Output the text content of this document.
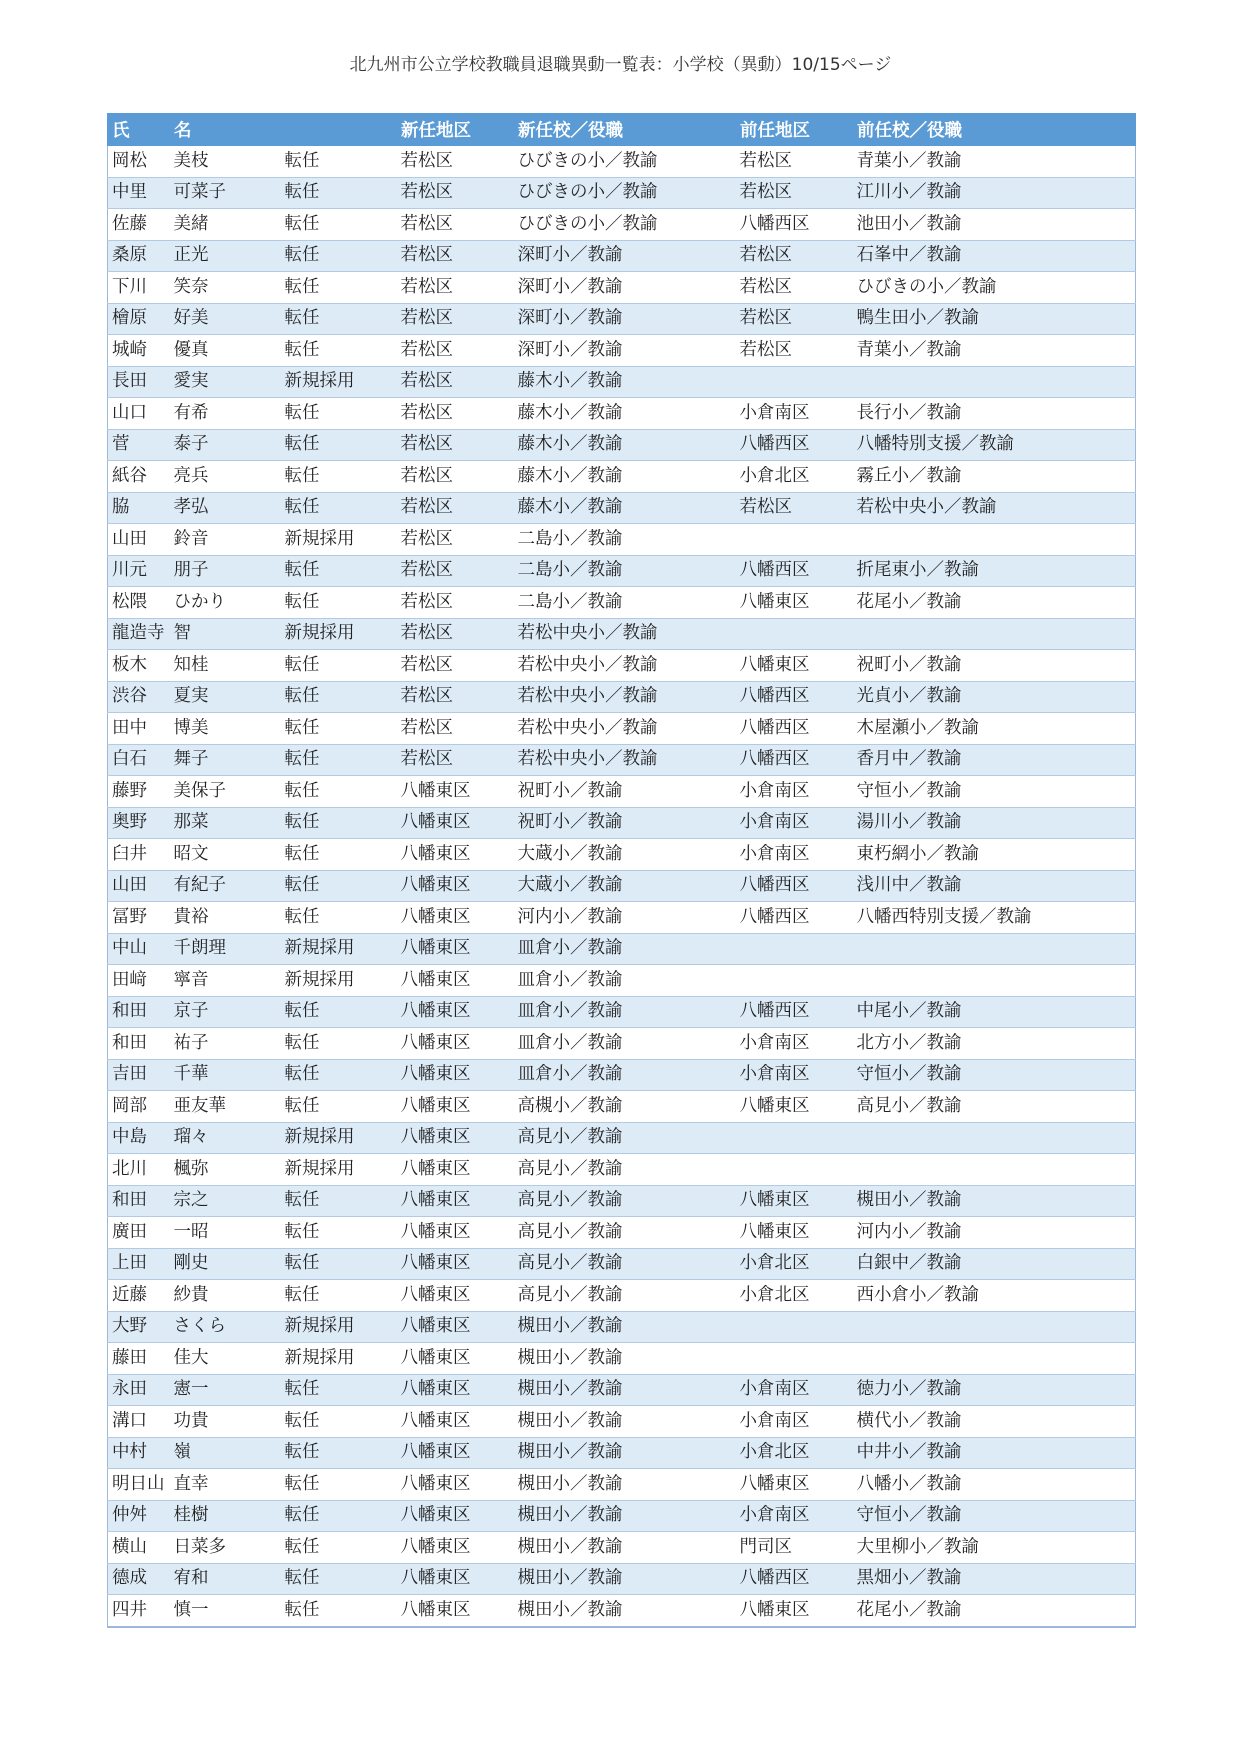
北九州市公立学校教職員退職異動一覧表：小学校（異動）10/15ページ
氏	名		新任地区	新任校／役職	前任地区	前任校／役職
岡松	美枝	転任	若松区	ひびきの小／教諭	若松区	青葉小／教諭
中里	可菜子	転任	若松区	ひびきの小／教諭	若松区	江川小／教諭
佐藤	美緒	転任	若松区	ひびきの小／教諭	八幡西区	池田小／教諭
桑原	正光	転任	若松区	深町小／教諭	若松区	石峯中／教諭
下川	笑奈	転任	若松区	深町小／教諭	若松区	ひびきの小／教諭
檜原	好美	転任	若松区	深町小／教諭	若松区	鴨生田小／教諭
城崎	優真	転任	若松区	深町小／教諭	若松区	青葉小／教諭
長田	愛実	新規採用	若松区	藤木小／教諭		
山口	有希	転任	若松区	藤木小／教諭	小倉南区	長行小／教諭
菅	泰子	転任	若松区	藤木小／教諭	八幡西区	八幡特別支援／教諭
紙谷	亮兵	転任	若松区	藤木小／教諭	小倉北区	霧丘小／教諭
脇	孝弘	転任	若松区	藤木小／教諭	若松区	若松中央小／教諭
山田	鈴音	新規採用	若松区	二島小／教諭		
川元	朋子	転任	若松区	二島小／教諭	八幡西区	折尾東小／教諭
松隈	ひかり	転任	若松区	二島小／教諭	八幡東区	花尾小／教諭
龍造寺	智	新規採用	若松区	若松中央小／教諭		
板木	知桂	転任	若松区	若松中央小／教諭	八幡東区	祝町小／教諭
渋谷	夏実	転任	若松区	若松中央小／教諭	八幡西区	光貞小／教諭
田中	博美	転任	若松区	若松中央小／教諭	八幡西区	木屋瀬小／教諭
白石	舞子	転任	若松区	若松中央小／教諭	八幡西区	香月中／教諭
藤野	美保子	転任	八幡東区	祝町小／教諭	小倉南区	守恒小／教諭
奥野	那菜	転任	八幡東区	祝町小／教諭	小倉南区	湯川小／教諭
臼井	昭文	転任	八幡東区	大蔵小／教諭	小倉南区	東朽網小／教諭
山田	有紀子	転任	八幡東区	大蔵小／教諭	八幡西区	浅川中／教諭
冨野	貴裕	転任	八幡東区	河内小／教諭	八幡西区	八幡西特別支援／教諭
中山	千朗理	新規採用	八幡東区	皿倉小／教諭		
田﨑	寧音	新規採用	八幡東区	皿倉小／教諭		
和田	京子	転任	八幡東区	皿倉小／教諭	八幡西区	中尾小／教諭
和田	祐子	転任	八幡東区	皿倉小／教諭	小倉南区	北方小／教諭
吉田	千華	転任	八幡東区	皿倉小／教諭	小倉南区	守恒小／教諭
岡部	亜友華	転任	八幡東区	高槻小／教諭	八幡東区	高見小／教諭
中島	瑠々	新規採用	八幡東区	高見小／教諭		
北川	楓弥	新規採用	八幡東区	高見小／教諭		
和田	宗之	転任	八幡東区	高見小／教諭	八幡東区	槻田小／教諭
廣田	一昭	転任	八幡東区	高見小／教諭	八幡東区	河内小／教諭
上田	剛史	転任	八幡東区	高見小／教諭	小倉北区	白銀中／教諭
近藤	紗貴	転任	八幡東区	高見小／教諭	小倉北区	西小倉小／教諭
大野	さくら	新規採用	八幡東区	槻田小／教諭		
藤田	佳大	新規採用	八幡東区	槻田小／教諭		
永田	憲一	転任	八幡東区	槻田小／教諭	小倉南区	徳力小／教諭
溝口	功貴	転任	八幡東区	槻田小／教諭	小倉南区	横代小／教諭
中村	嶺	転任	八幡東区	槻田小／教諭	小倉北区	中井小／教諭
明日山	直幸	転任	八幡東区	槻田小／教諭	八幡東区	八幡小／教諭
仲舛	桂樹	転任	八幡東区	槻田小／教諭	小倉南区	守恒小／教諭
横山	日菜多	転任	八幡東区	槻田小／教諭	門司区	大里柳小／教諭
德成	宥和	転任	八幡東区	槻田小／教諭	八幡西区	黒畑小／教諭
四井	慎一	転任	八幡東区	槻田小／教諭	八幡東区	花尾小／教諭
